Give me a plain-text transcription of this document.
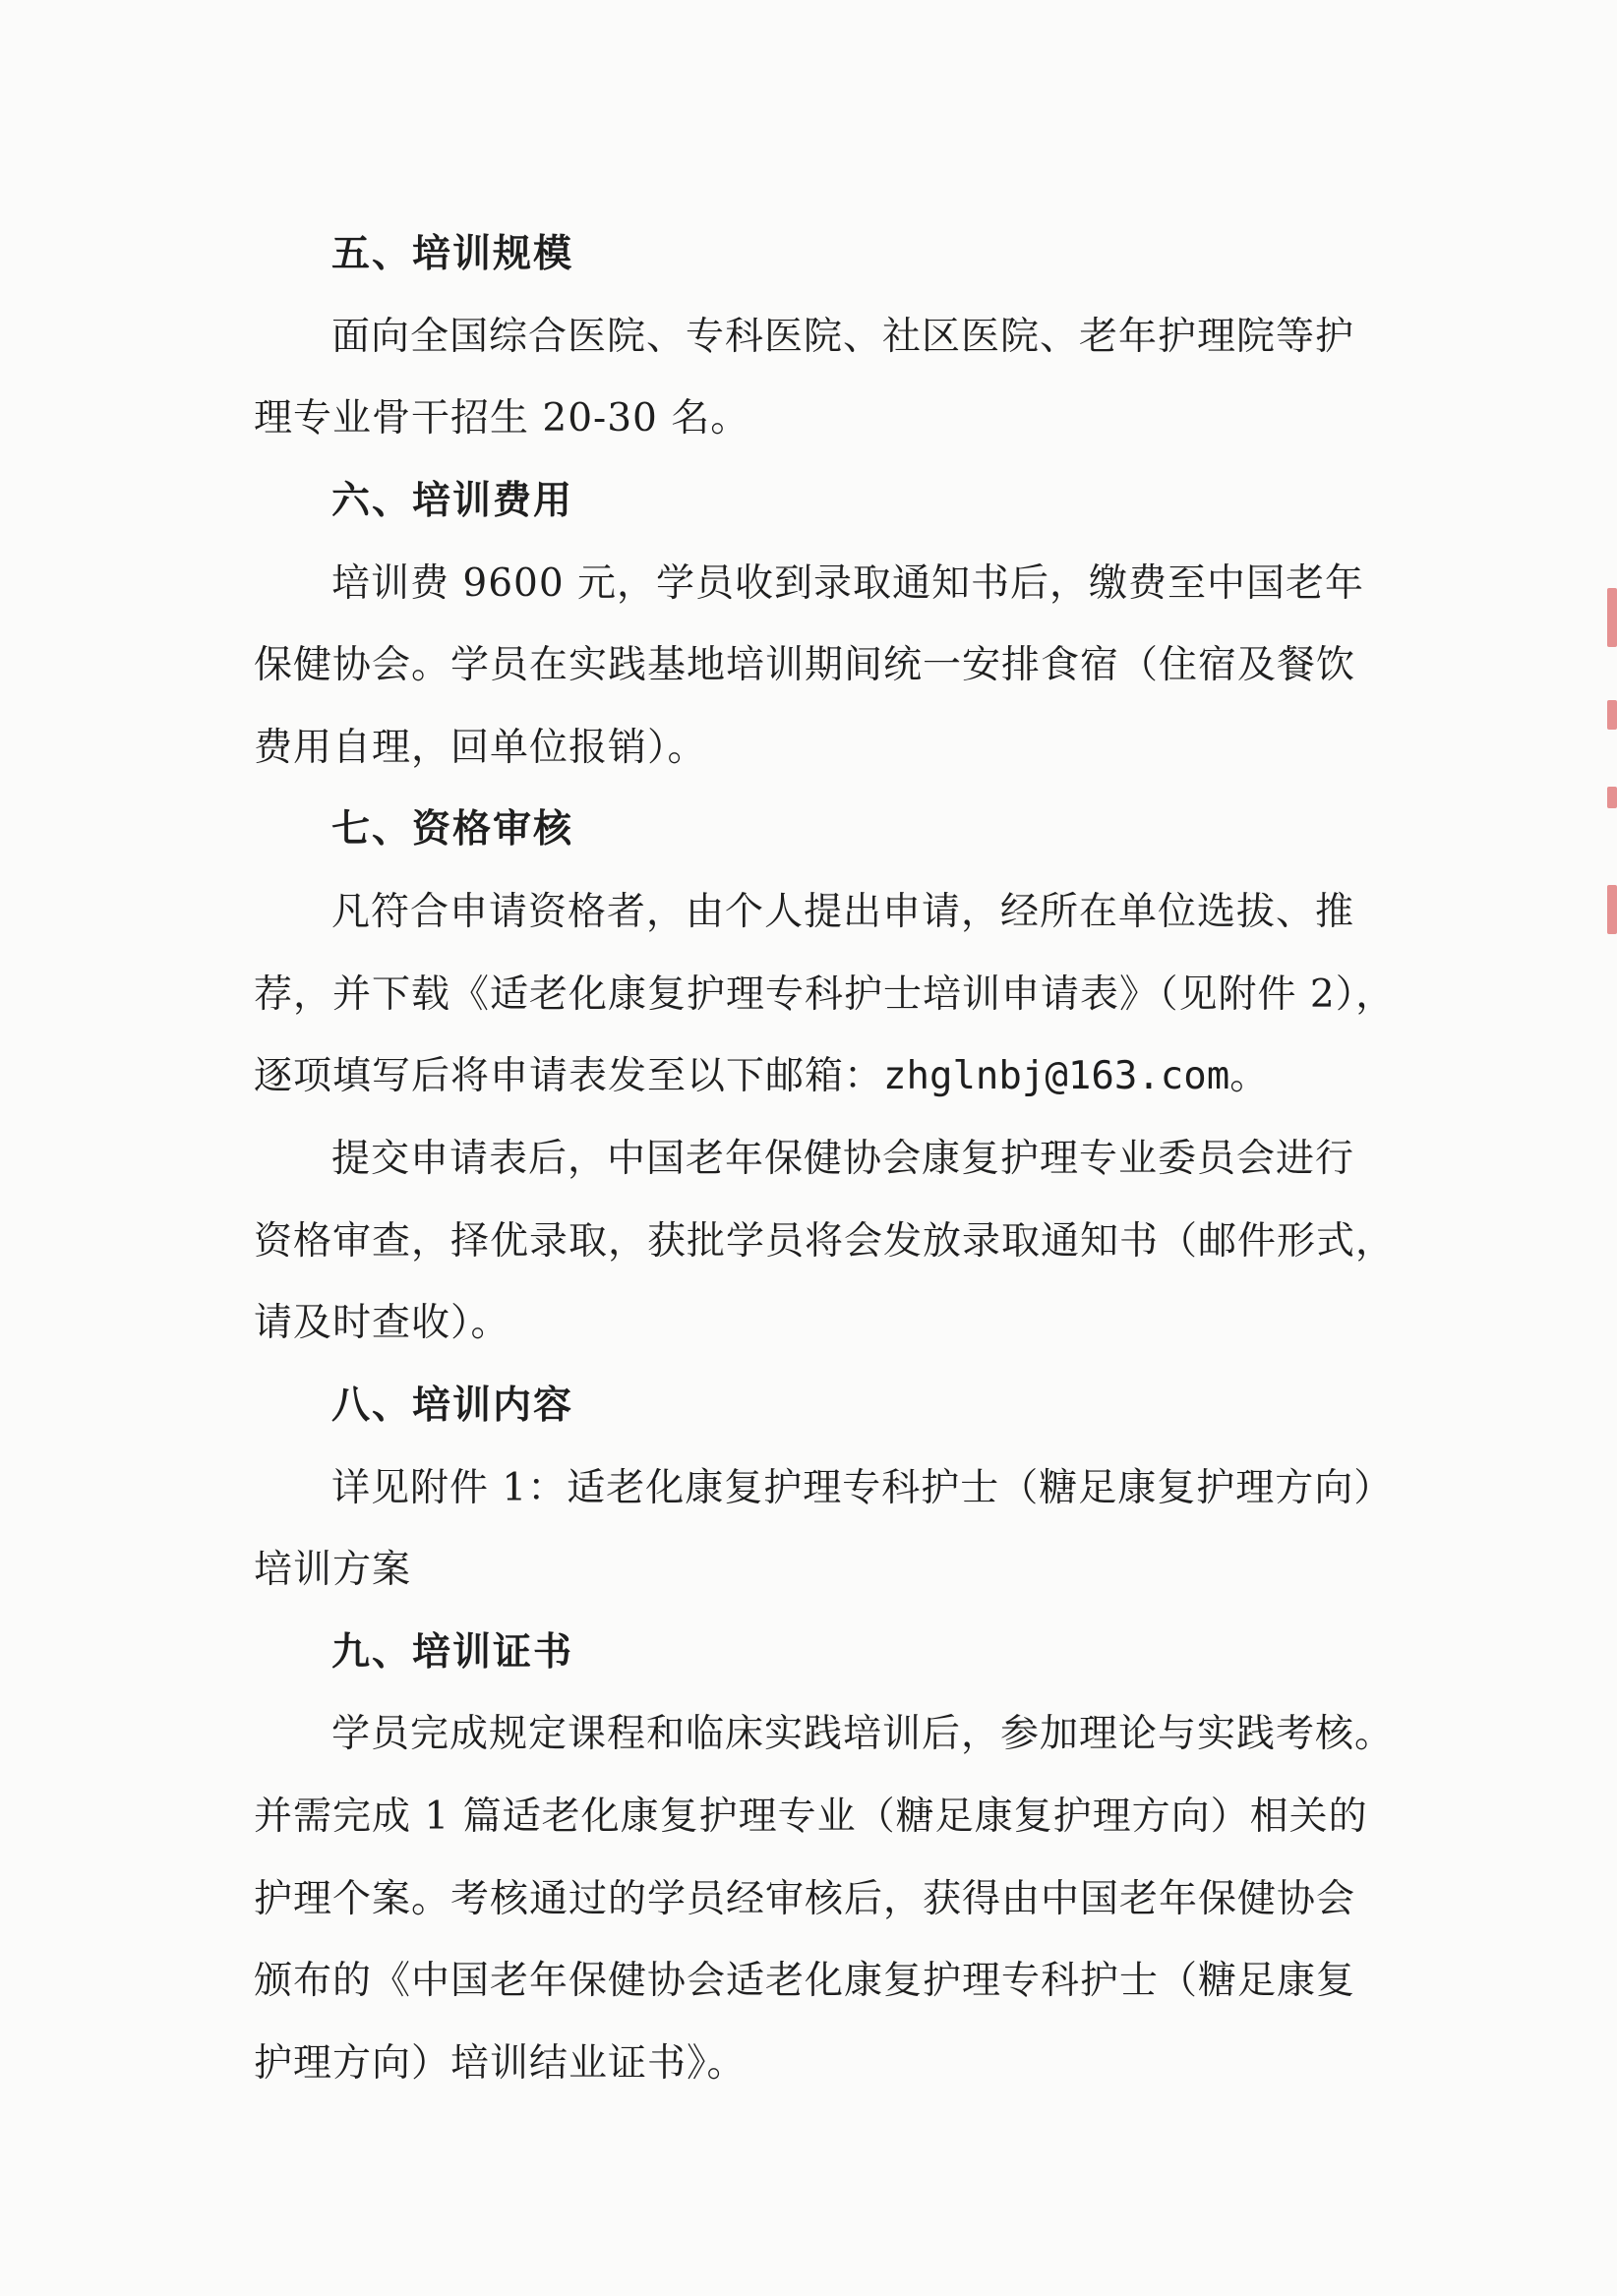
五、培训规模
面向全国综合医院、专科医院、社区医院、老年护理院等护
理专业骨干招生 20-30 名。
六、培训费用
培训费 9600 元，学员收到录取通知书后，缴费至中国老年
保健协会。学员在实践基地培训期间统一安排食宿（住宿及餐饮
费用自理，回单位报销）。
七、资格审核
凡符合申请资格者，由个人提出申请，经所在单位选拔、推
荐，并下载《适老化康复护理专科护士培训申请表》（见附件 2），
逐项填写后将申请表发至以下邮箱：zhglnbj@163.com。
提交申请表后，中国老年保健协会康复护理专业委员会进行
资格审查，择优录取，获批学员将会发放录取通知书（邮件形式，
请及时查收）。
八、培训内容
详见附件 1：适老化康复护理专科护士（糖足康复护理方向）
培训方案
九、培训证书
学员完成规定课程和临床实践培训后，参加理论与实践考核。
并需完成 1 篇适老化康复护理专业（糖足康复护理方向）相关的
护理个案。考核通过的学员经审核后，获得由中国老年保健协会
颁布的《中国老年保健协会适老化康复护理专科护士（糖足康复
护理方向）培训结业证书》。
